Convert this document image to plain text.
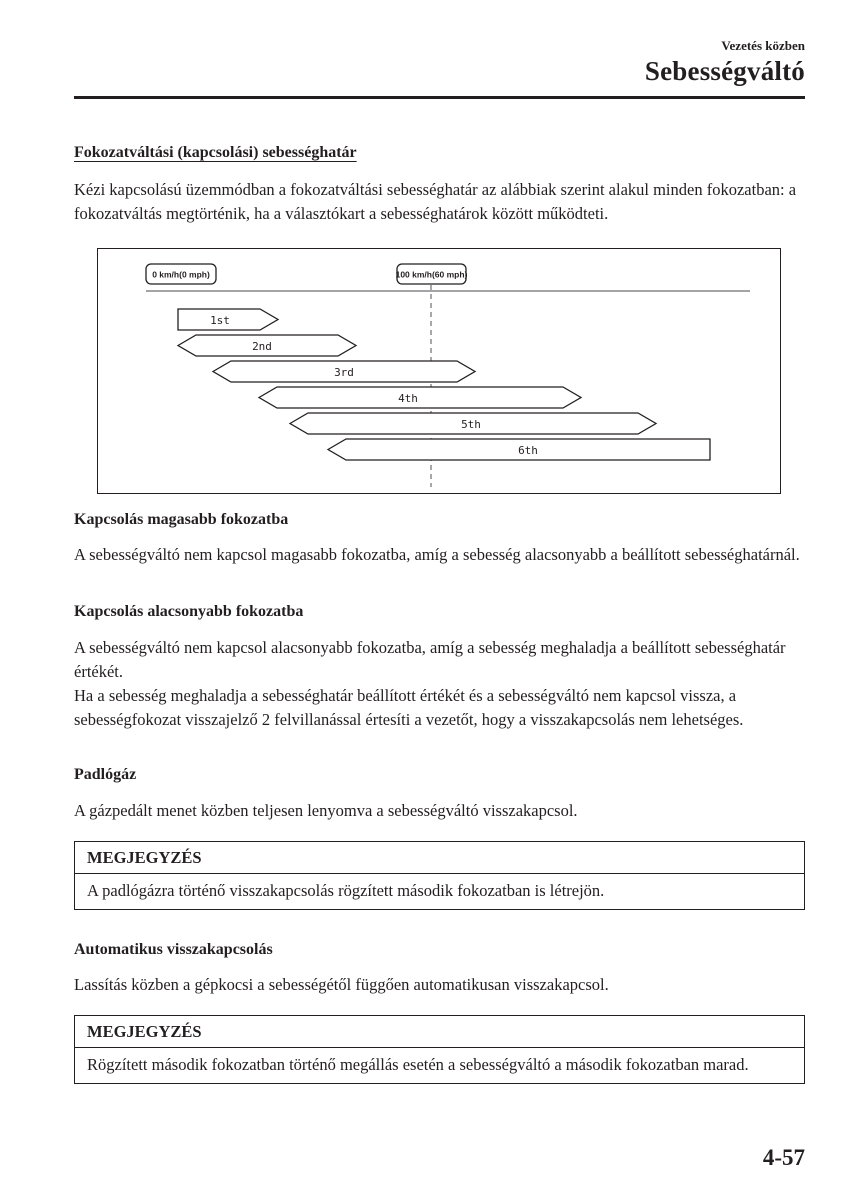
Vezetés közben
Sebességváltó
Fokozatváltási (kapcsolási) sebességhatár
Kézi kapcsolású üzemmódban a fokozatváltási sebességhatár az alábbiak szerint alakul minden fokozatban: a fokozatváltás megtörténik, ha a választókart a sebességhatárok között működteti.
0 km/h(0 mph)	100 km/h(60 mph)
1st
2nd
3rd
4th
5th
6th
Kapcsolás magasabb fokozatba
A sebességváltó nem kapcsol magasabb fokozatba, amíg a sebesség alacsonyabb a beállított sebességhatárnál.
Kapcsolás alacsonyabb fokozatba
A sebességváltó nem kapcsol alacsonyabb fokozatba, amíg a sebesség meghaladja a beállított sebességhatár értékét.
Ha a sebesség meghaladja a sebességhatár beállított értékét és a sebességváltó nem kapcsol vissza, a sebességfokozat visszajelző 2 felvillanással értesíti a vezetőt, hogy a visszakapcsolás nem lehetséges.
Padlógáz
A gázpedált menet közben teljesen lenyomva a sebességváltó visszakapcsol.
MEGJEGYZÉS
A padlógázra történő visszakapcsolás rögzített második fokozatban is létrejön.
Automatikus visszakapcsolás
Lassítás közben a gépkocsi a sebességétől függően automatikusan visszakapcsol.
MEGJEGYZÉS
Rögzített második fokozatban történő megállás esetén a sebességváltó a második fokozatban marad.
4-57
